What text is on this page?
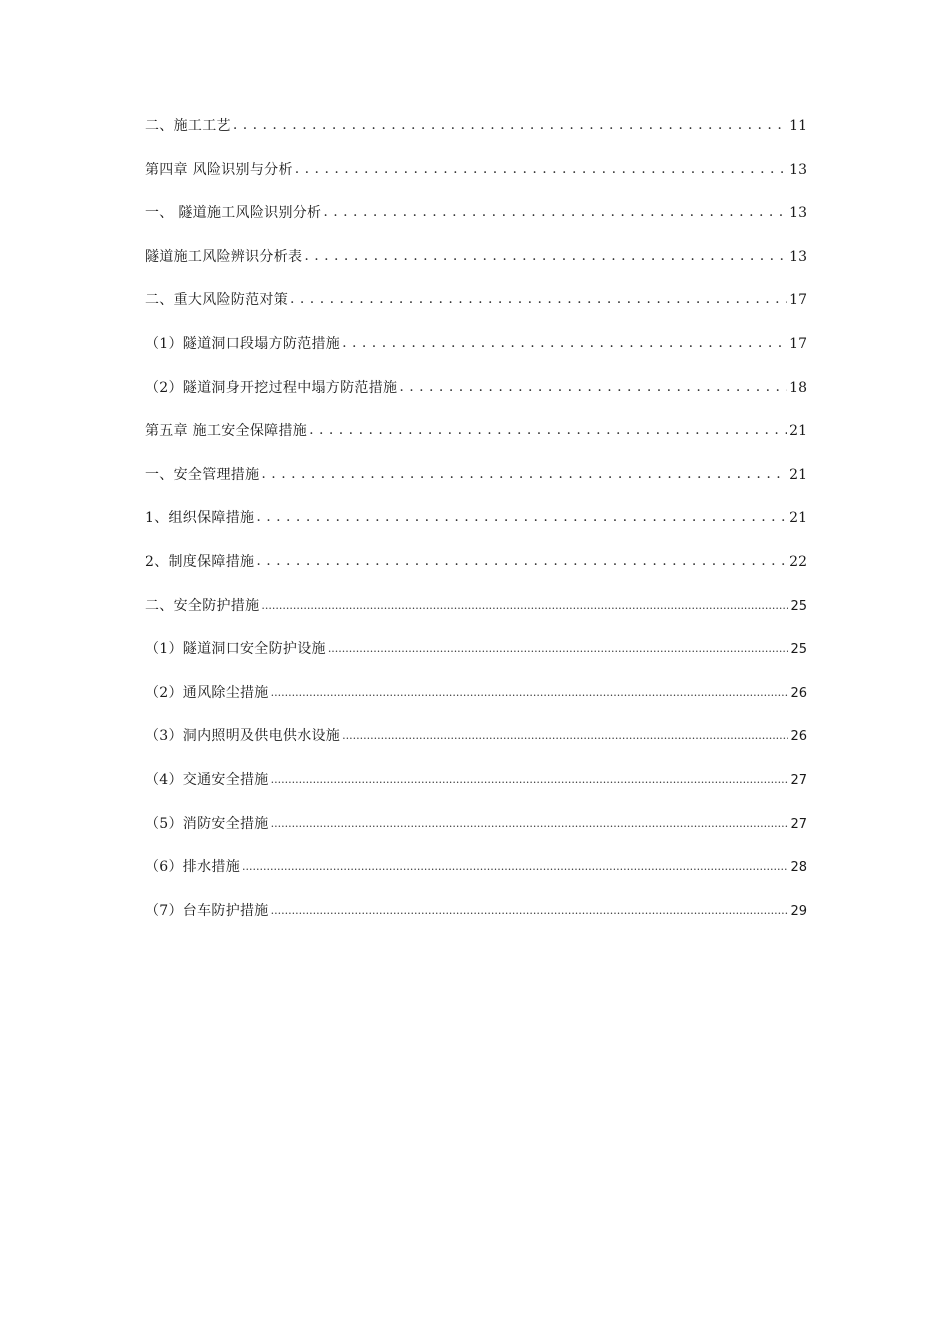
二、施工工艺 . . .	11
第四章 风险识别与分析 . . .	13
一、 隧道施工风险识别分析 . . .	13
隧道施工风险辨识分析表 . . .	13
二、重大风险防范对策 . . .	17
（1）隧道洞口段塌方防范措施 . . .	17
（2）隧道洞身开挖过程中塌方防范措施 . . .	18
第五章 施工安全保障措施 . . .	21
一、安全管理措施 . . .	21
1、组织保障措施 . . .	21
2、制度保障措施 . . .	22
二、安全防护措施 .....	25
（1）隧道洞口安全防护设施 .....	25
（2）通风除尘措施 .....	26
（3）洞内照明及供电供水设施 .....	26
（4）交通安全措施 .....	27
（5）消防安全措施 .....	27
（6）排水措施 .....	28
（7）台车防护措施 .....	29
